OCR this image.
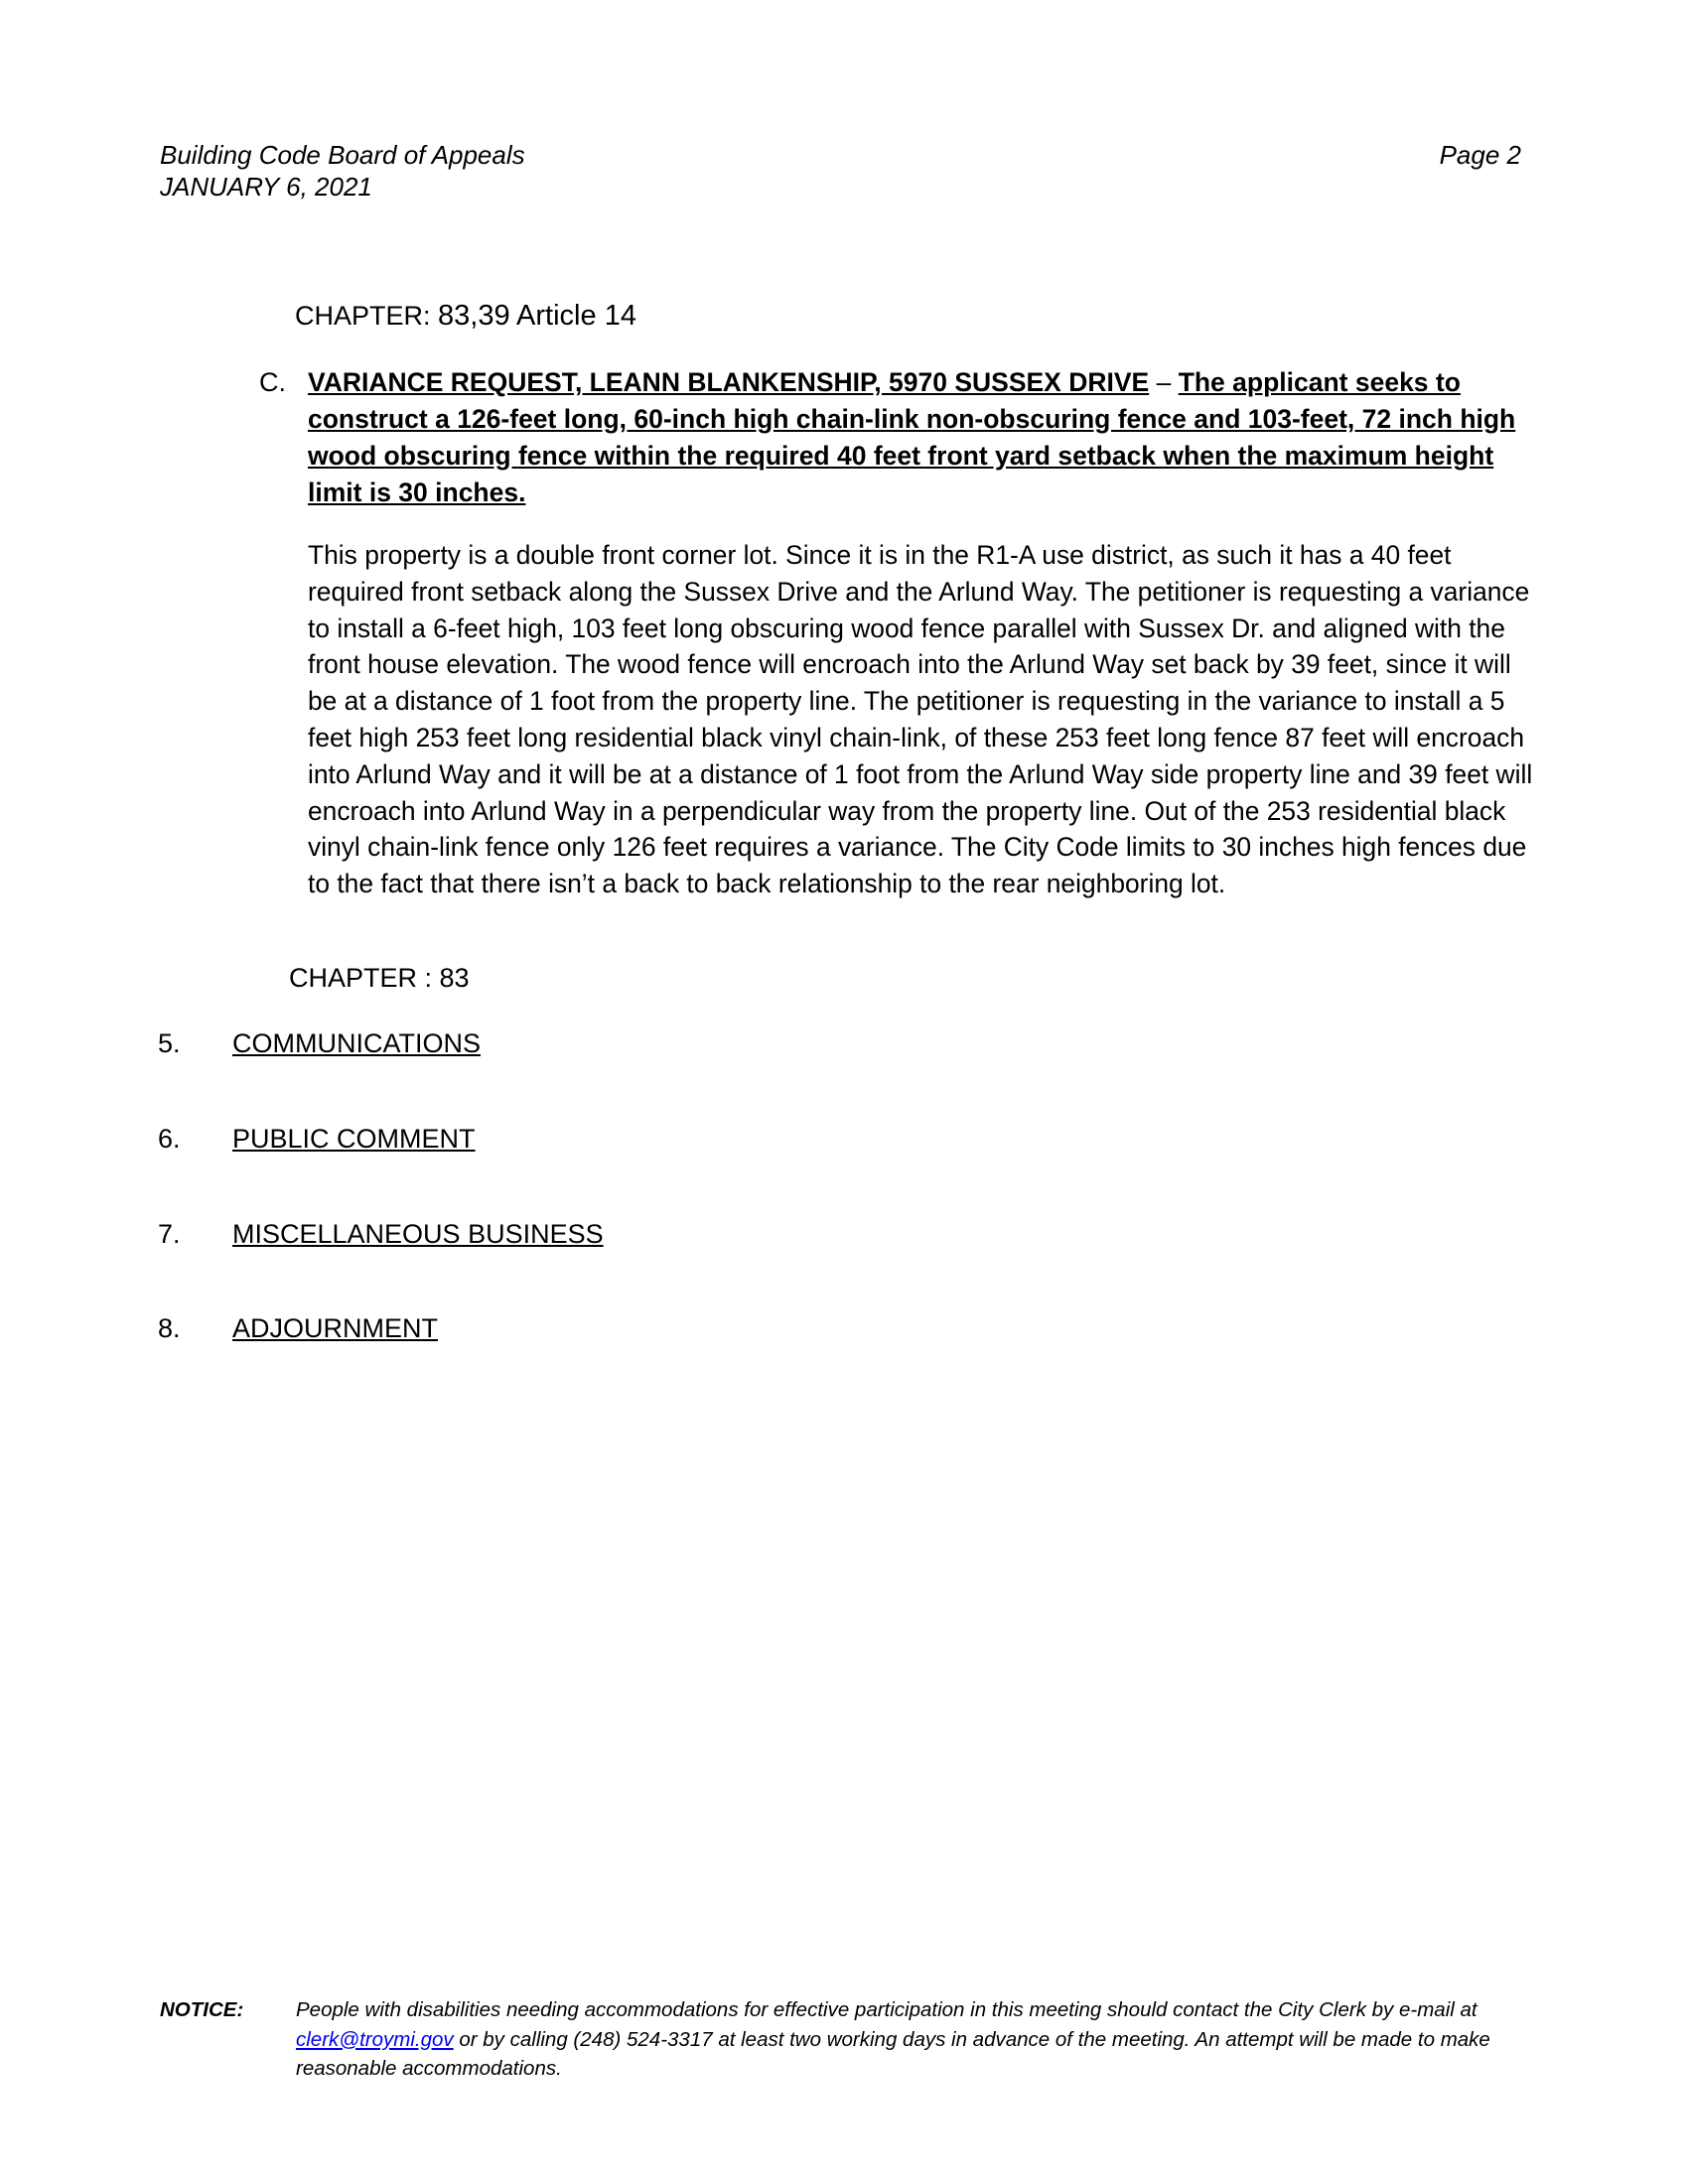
Building Code Board of Appeals
JANUARY 6, 2021
Page 2
CHAPTER: 83,39 Article 14
C. VARIANCE REQUEST, LEANN BLANKENSHIP, 5970 SUSSEX DRIVE – The applicant seeks to construct a 126-feet long, 60-inch high chain-link non-obscuring fence and 103-feet, 72 inch high wood obscuring fence within the required 40 feet front yard setback when the maximum height limit is 30 inches.
This property is a double front corner lot. Since it is in the R1-A use district, as such it has a 40 feet required front setback along the Sussex Drive and the Arlund Way. The petitioner is requesting a variance to install a 6-feet high, 103 feet long obscuring wood fence parallel with Sussex Dr. and aligned with the front house elevation. The wood fence will encroach into the Arlund Way set back by 39 feet, since it will be at a distance of 1 foot from the property line. The petitioner is requesting in the variance to install a 5 feet high 253 feet long residential black vinyl chain-link, of these 253 feet long fence 87 feet will encroach into Arlund Way and it will be at a distance of 1 foot from the Arlund Way side property line and 39 feet will encroach into Arlund Way in a perpendicular way from the property line. Out of the 253 residential black vinyl chain-link fence only 126 feet requires a variance. The City Code limits to 30 inches high fences due to the fact that there isn’t a back to back relationship to the rear neighboring lot.
CHAPTER : 83
5.	COMMUNICATIONS
6.	PUBLIC COMMENT
7.	MISCELLANEOUS BUSINESS
8.	ADJOURNMENT
NOTICE:	People with disabilities needing accommodations for effective participation in this meeting should contact the City Clerk by e-mail at clerk@troymi.gov or by calling (248) 524-3317 at least two working days in advance of the meeting. An attempt will be made to make reasonable accommodations.
